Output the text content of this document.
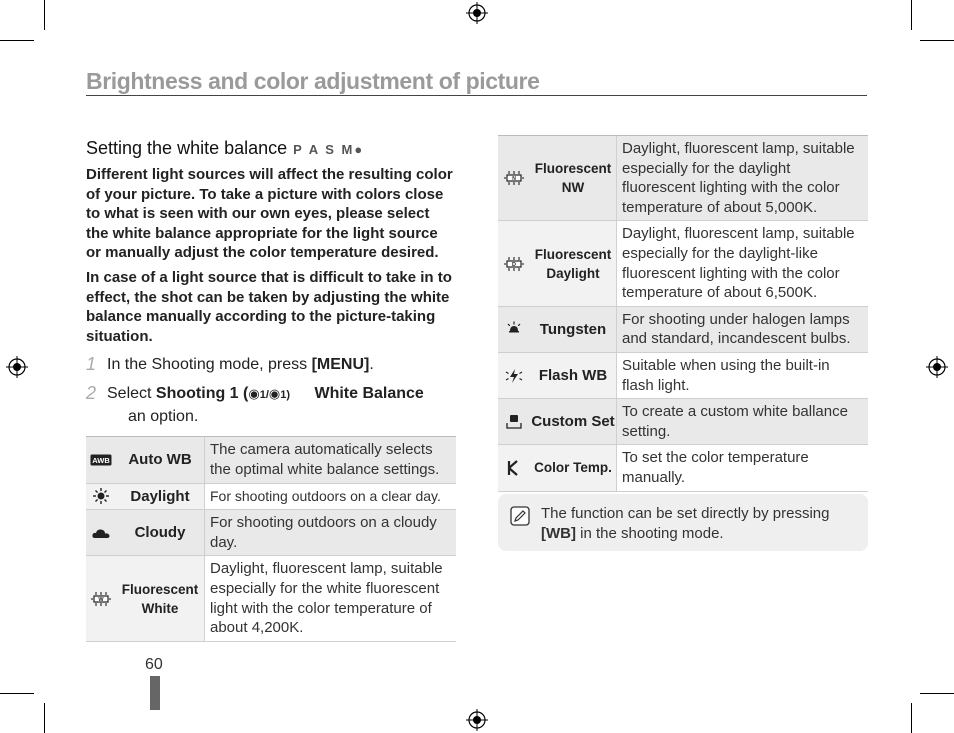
Brightness and color adjustment of picture
Setting the white balance P A S M●

Different light sources will affect the resulting color of your picture. To take a picture with colors close to what is seen with our own eyes, please select the white balance appropriate for the light source or manually adjust the color temperature desired.

In case of a light source that is difficult to take in to effect, the shot can be taken by adjusting the white balance manually according to the picture-taking situation.

1 In the Shooting mode, press [MENU].
2 Select Shooting 1 (◉1/◉1) White Balance
an option.
AWB	Auto WB	The camera automatically selects the optimal white balance settings.

	Daylight	For shooting outdoors on a clear day.

	Cloudy	For shooting outdoors on a cloudy day.

W	Fluorescent White	Daylight, fluorescent lamp, suitable especially for the white fluorescent light with the color temperature of about 4,200K.
N	Fluorescent NW	Daylight, fluorescent lamp, suitable especially for the daylight fluorescent lighting with the color temperature of about 5,000K.

D	Fluorescent Daylight	Daylight, fluorescent lamp, suitable especially for the daylight-like fluorescent lighting with the color temperature of about 6,500K.

	Tungsten	For shooting under halogen lamps and standard, incandescent bulbs.

	Flash WB	Suitable when using the built-in flash light.

	Custom Set	To create a custom white ballance setting.

	Color Temp.	To set the color temperature manually.
The function can be set directly by pressing [WB] in the shooting mode.
60
